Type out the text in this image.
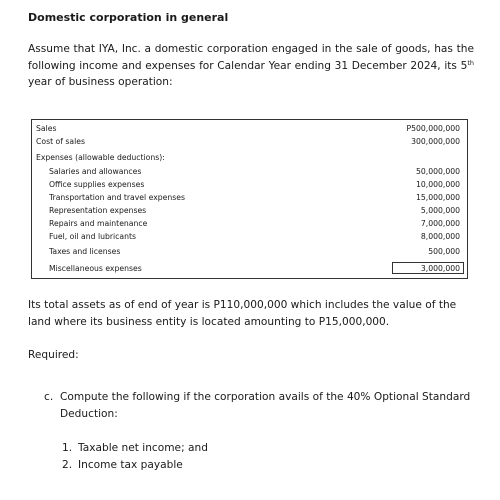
Domestic corporation in general
Assume that IYA, Inc. a domestic corporation engaged in the sale of goods, has the following income and expenses for Calendar Year ending 31 December 2024, its 5th year of business operation:
Sales	P500,000,000
Cost of sales	300,000,000
Expenses (allowable deductions):
Salaries and allowances	50,000,000
Office supplies expenses	10,000,000
Transportation and travel expenses	15,000,000
Representation expenses	5,000,000
Repairs and maintenance	7,000,000
Fuel, oil and lubricants	8,000,000
Taxes and licenses	500,000
Miscellaneous expenses	3,000,000
Its total assets as of end of year is P110,000,000 which includes the value of the land where its business entity is located amounting to P15,000,000.
Required:
c. Compute the following if the corporation avails of the 40% Optional Standard Deduction:
1. Taxable net income; and
2. Income tax payable
